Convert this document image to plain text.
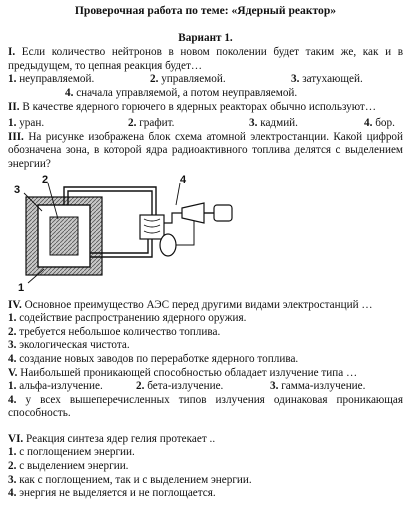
Проверочная работа по теме: «Ядерный реактор»
Вариант 1.

I. Если количество нейтронов в новом поколении будет таким же, как и в предыдущем, то цепная реакция будет…

1. неуправляемой.	2. управляемой.	3. затухающей.
4. сначала управляемой, а потом неуправляемой.

II. В качестве ядерного горючего в ядерных реакторах обычно используют…

1. уран.	2. графит.	3. кадмий.	4. бор.

III. На рисунке изображена блок схема атомной электростанции. Какой цифрой обозначена зона, в которой ядра радиоактивного топлива делятся с выделением энергии?

3
2
1
4

IV. Основное преимущество АЭС перед другими видами электростанций …

1. содействие распространению ядерного оружия.
2. требуется небольшое количество топлива.
3. экологическая чистота.
4. создание новых заводов по переработке ядерного топлива.

V. Наибольшей проникающей способностью обладает излучение типа …

1. альфа-излучение.	2. бета-излучение.	3. гамма-излучение.

4. у всех вышеперечисленных типов излучения одинаковая проникающая способность.

VI. Реакция синтеза ядер гелия протекает ..

1. с поглощением энергии.
2. с выделением энергии.
3. как с поглощением, так и с выделением энергии.
4. энергия не выделяется и не поглощается.
